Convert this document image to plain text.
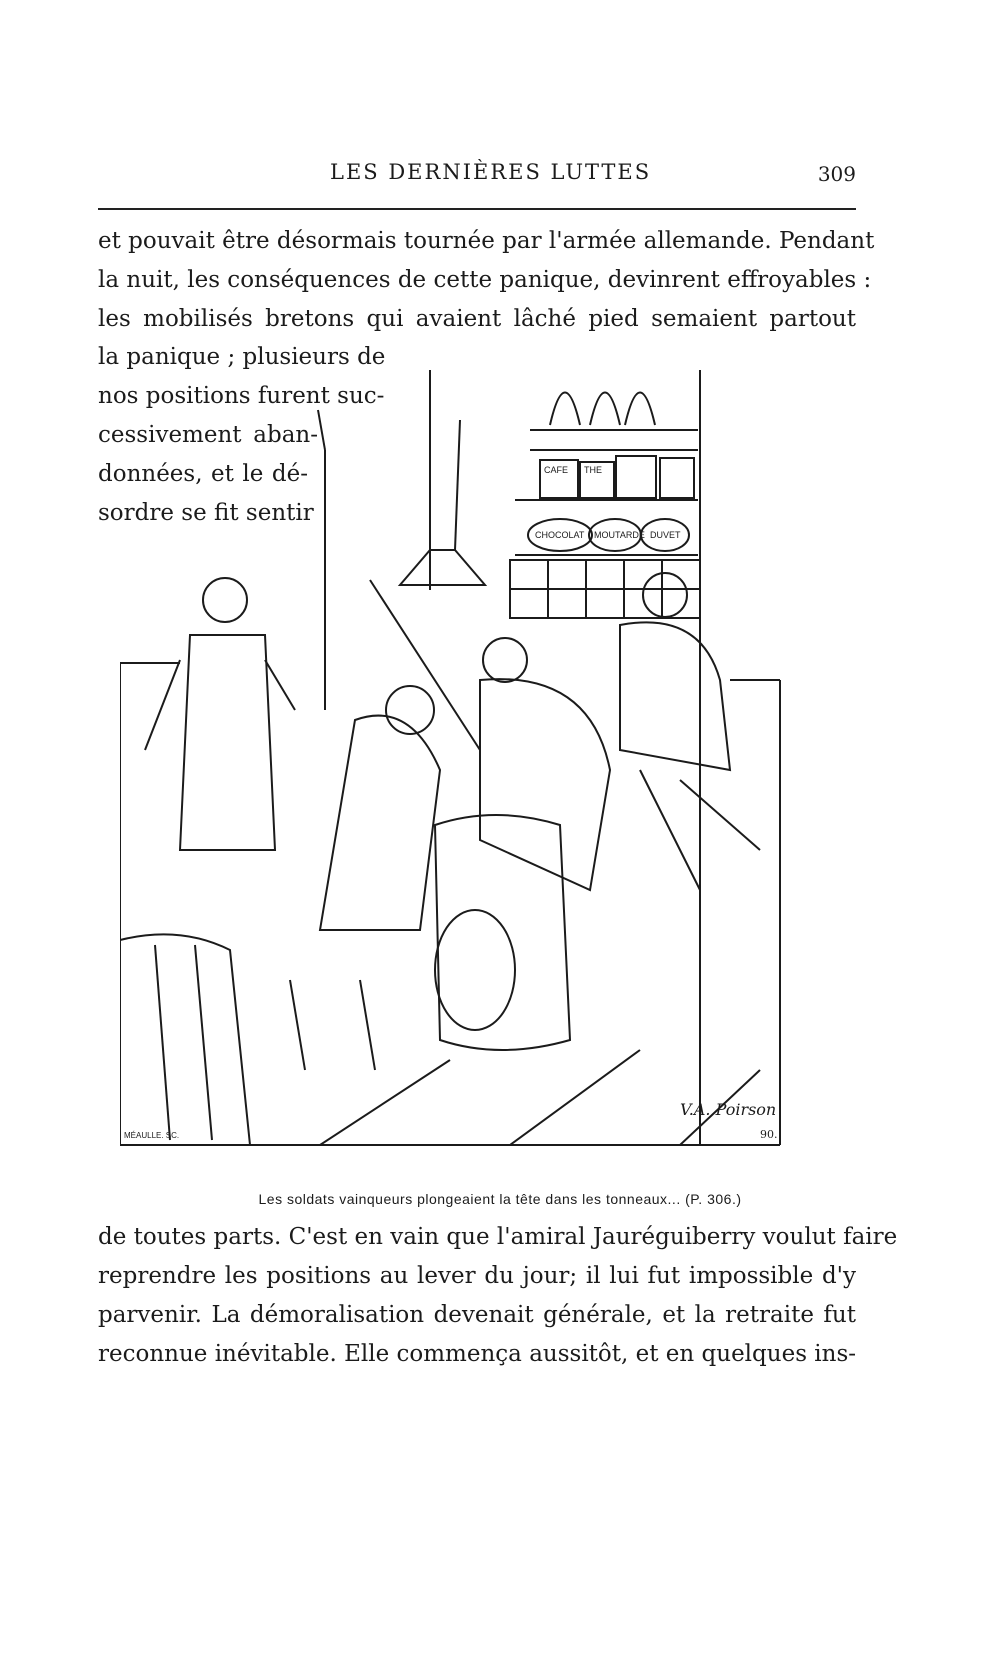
LES DERNIÈRES LUTTES	309
et pouvait être désormais tournée par l'armée allemande. Pendant
la nuit, les conséquences de cette panique, devinrent effroyables :
les mobilisés bretons qui avaient lâché pied semaient partout
la panique ; plusieurs de
nos positions furent suc-
cessivement aban-
données, et le dé-
sordre se fit sentir
CAFE THE
CHOCOLAT MOUTARDE DUVET
V.A. Poirson
90.
MÉAULLE. SC.
Les soldats vainqueurs plongeaient la tête dans les tonneaux... (P. 306.)
de toutes parts. C'est en vain que l'amiral Jauréguiberry voulut faire
reprendre les positions au lever du jour; il lui fut impossible d'y
parvenir. La démoralisation devenait générale, et la retraite fut
reconnue inévitable. Elle commença aussitôt, et en quelques ins-
